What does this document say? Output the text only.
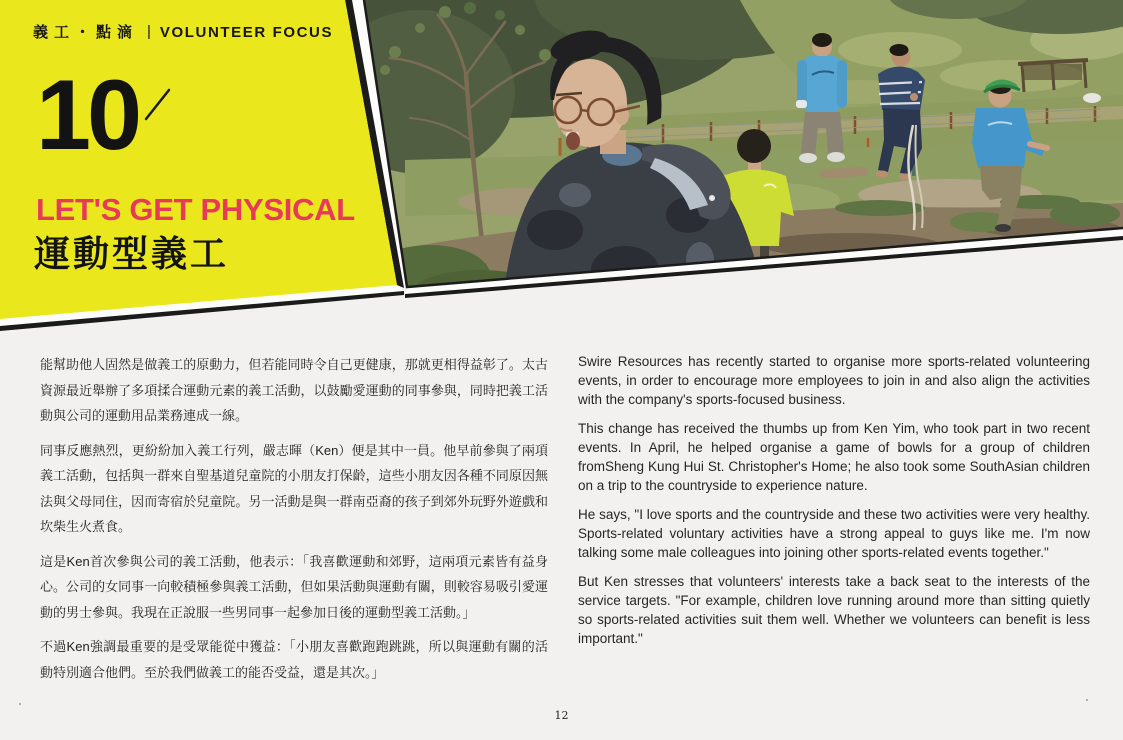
義工・點滴 | VOLUNTEER FOCUS
10
LET'S GET PHYSICAL
運動型義工

能幫助他人固然是做義工的原動力，但若能同時令自己更健康，那就更相得益彰了。太古資源最近舉辦了多項揉合運動元素的義工活動，以鼓勵愛運動的同事參與，同時把義工活動與公司的運動用品業務連成一線。

同事反應熱烈，更紛紛加入義工行列，嚴志暉（Ken）便是其中一員。他早前參與了兩項義工活動，包括與一群來自聖基道兒童院的小朋友打保齡，這些小朋友因各種不同原因無法與父母同住，因而寄宿於兒童院。另一活動是與一群南亞裔的孩子到郊外玩野外遊戲和坎柴生火煮食。

這是Ken首次參與公司的義工活動，他表示：「我喜歡運動和郊野，這兩項元素皆有益身心。公司的女同事一向較積極參與義工活動，但如果活動與運動有關，則較容易吸引愛運動的男士參與。我現在正說服一些男同事一起參加日後的運動型義工活動。」

不過Ken強調最重要的是受眾能從中獲益：「小朋友喜歡跑跑跳跳，所以與運動有關的活動特別適合他們。至於我們做義工的能否受益，還是其次。」

Swire Resources has recently started to organise more sports-related volunteering events, in order to encourage more employees to join in and also align the activities with the company's sports-focused business.

This change has received the thumbs up from Ken Yim, who took part in two recent events. In April, he helped organise a game of bowls for a group of children fromSheng Kung Hui St. Christopher's Home; he also took some SouthAsian children on a trip to the countryside to experience nature.

He says, "I love sports and the countryside and these two activities were very healthy. Sports-related voluntary activities have a strong appeal to guys like me. I'm now talking some male colleagues into joining other sports-related events together."

But Ken stresses that volunteers' interests take a back seat to the interests of the service targets. "For example, children love running around more than sitting quietly so sports-related activities suit them well. Whether we volunteers can benefit is less important."

12
